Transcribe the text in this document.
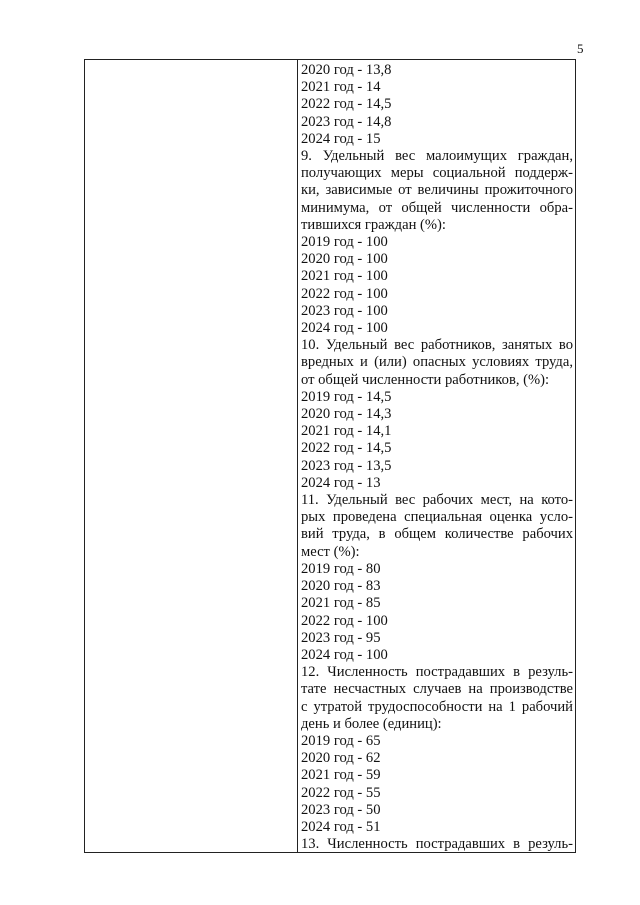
5
2020 год - 13,8
2021 год - 14
2022 год - 14,5
2023 год - 14,8
2024 год - 15
9. Удельный вес малоимущих граждан,
получающих меры социальной поддерж-
ки, зависимые от величины прожиточного
минимума, от общей численности обра-
тившихся граждан (%):
2019 год - 100
2020 год - 100
2021 год - 100
2022 год - 100
2023 год - 100
2024 год - 100
10. Удельный вес работников, занятых во
вредных и (или) опасных условиях труда,
от общей численности работников, (%):
2019 год - 14,5
2020 год - 14,3
2021 год - 14,1
2022 год - 14,5
2023 год - 13,5
2024 год - 13
11. Удельный вес рабочих мест, на кото-
рых проведена специальная оценка усло-
вий труда, в общем количестве рабочих
мест (%):
2019 год - 80
2020 год - 83
2021 год - 85
2022 год - 100
2023 год - 95
2024 год - 100
12. Численность пострадавших в резуль-
тате несчастных случаев на производстве
с утратой трудоспособности на 1 рабочий
день и более (единиц):
2019 год - 65
2020 год - 62
2021 год - 59
2022 год - 55
2023 год - 50
2024 год - 51
13. Численность пострадавших в резуль-
